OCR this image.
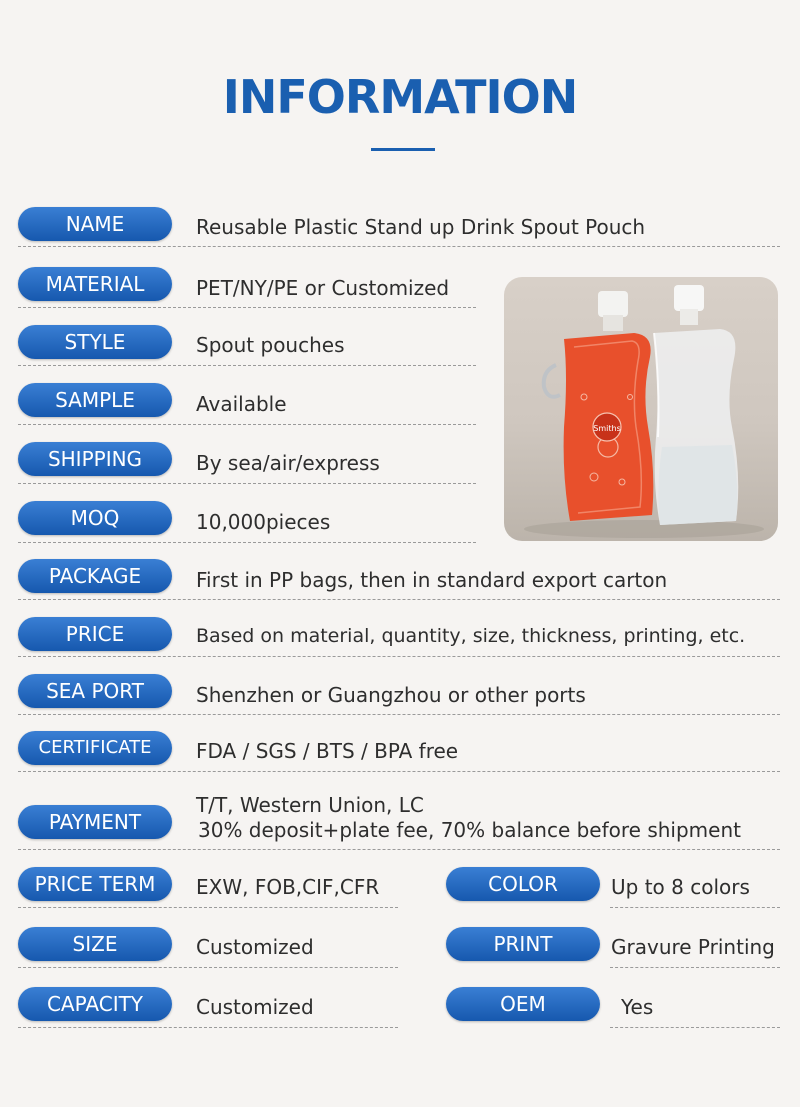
INFORMATION
NAME	Reusable Plastic Stand up Drink Spout Pouch
MATERIAL	PET/NY/PE or Customized
STYLE	Spout pouches
SAMPLE	Available
SHIPPING	By sea/air/express
MOQ	10,000pieces
PACKAGE	First in PP bags, then in standard export carton
PRICE	Based on material, quantity, size, thickness, printing, etc.
SEA PORT	Shenzhen or Guangzhou or other ports
CERTIFICATE	FDA / SGS / BTS / BPA free
PAYMENT
T/T, Western Union, LC
30% deposit+plate fee, 70% balance before shipment
PRICE TERM	EXW, FOB,CIF,CFR	COLOR	Up to 8 colors
SIZE	Customized	PRINT	Gravure Printing
CAPACITY	Customized	OEM	Yes
Smiths
